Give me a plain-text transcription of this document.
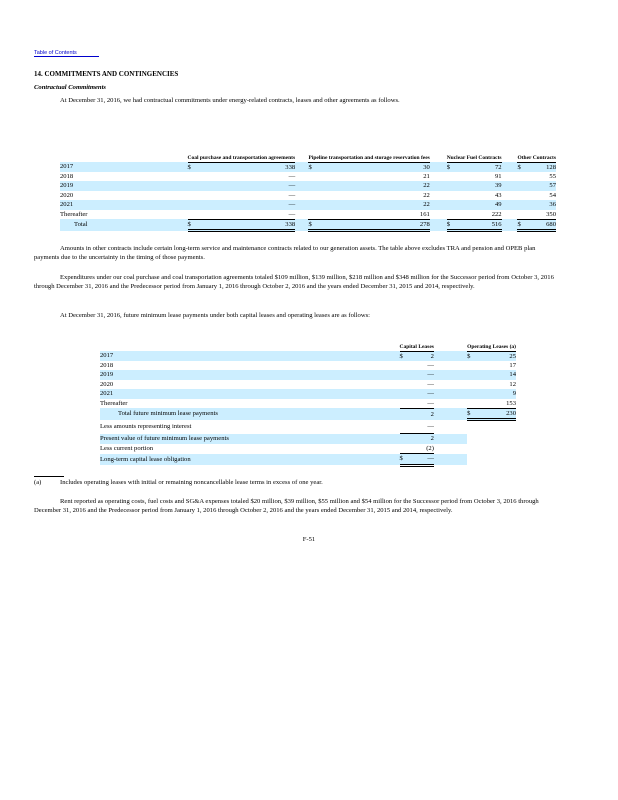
Table of Contents
14. COMMITMENTS AND CONTINGENCIES
Contractual Commitments

At December 31, 2016, we had contractual commitments under energy-related contracts, leases and other agreements as follows.

	Coal purchase and transportation agreements			Pipeline transportation and storage reservation fees			Nuclear Fuel Contracts			Other Contracts	
2017	$	338		$	30		$	72		$	128
2018		—			21			91			55
2019		—			22			39			57
2020		—			22			43			54
2021		—			22			49			36
Thereafter		—			161			222			350
Total	$	338		$	278		$	516		$	680

Amounts in other contracts include certain long-term service and maintenance contracts related to our generation assets. The table above excludes TRA and pension and OPEB plan payments due to the uncertainty in the timing of those payments.

Expenditures under our coal purchase and coal transportation agreements totaled $109 million, $139 million, $218 million and $348 million for the Successor period from October 3, 2016 through December 31, 2016 and the Predecessor period from January 1, 2016 through October 2, 2016 and the years ended December 31, 2015 and 2014, respectively.

At December 31, 2016, future minimum lease payments under both capital leases and operating leases are as follows:

	Capital Leases			Operating Leases (a)	
2017	$	2		$	25
2018		—			17
2019		—			14
2020		—			12
2021		—			9
Thereafter		—			153
Total future minimum lease payments		2		$	230
Less amounts representing interest		—			
Present value of future minimum lease payments		2			
Less current portion		(2)			
Long-term capital lease obligation	$	—			
(a)	Includes operating leases with initial or remaining noncancellable lease terms in excess of one year.

Rent reported as operating costs, fuel costs and SG&A expenses totaled $20 million, $39 million, $55 million and $54 million for the Successor period from October 3, 2016 through December 31, 2016 and the Predecessor period from January 1, 2016 through October 2, 2016 and the years ended December 31, 2015 and 2014, respectively.

F-51
